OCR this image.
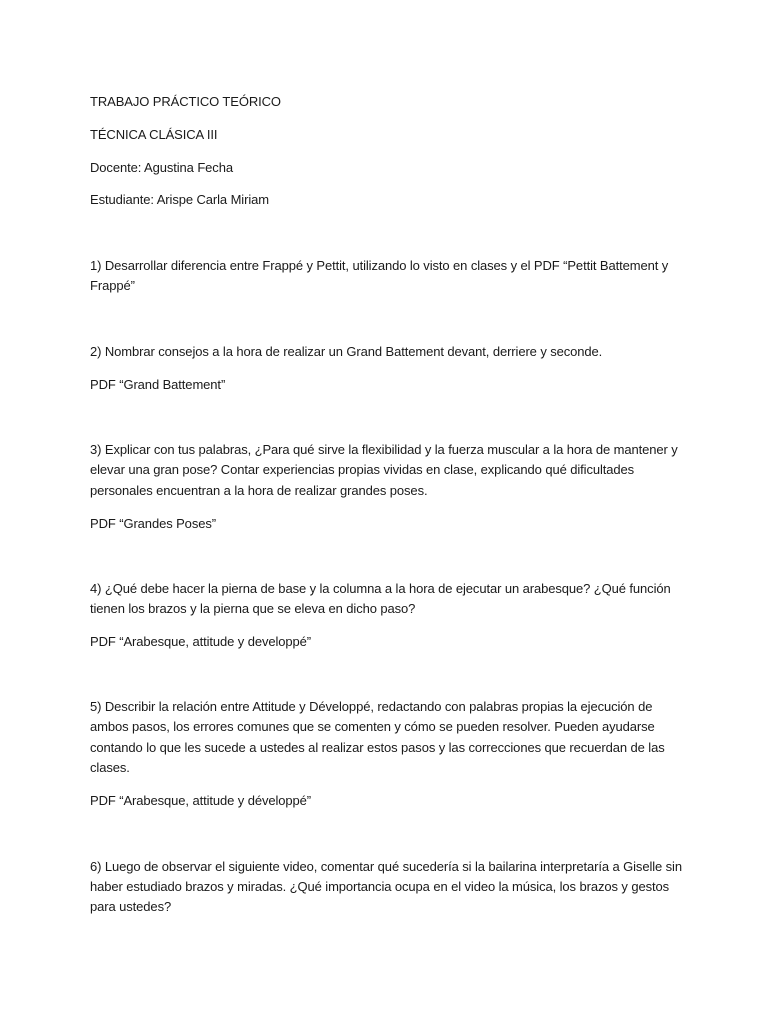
TRABAJO PRÁCTICO TEÓRICO
TÉCNICA CLÁSICA III
Docente: Agustina Fecha
Estudiante: Arispe Carla Miriam
1) Desarrollar diferencia entre Frappé y Pettit, utilizando lo visto en clases y el PDF “Pettit Battement y
Frappé”
2) Nombrar consejos a la hora de realizar un Grand Battement devant, derriere y seconde.
PDF “Grand Battement”
3) Explicar con tus palabras, ¿Para qué sirve la flexibilidad y la fuerza muscular a la hora de mantener y
elevar una gran pose? Contar experiencias propias vividas en clase, explicando qué dificultades
personales encuentran a la hora de realizar grandes poses.
PDF “Grandes Poses”
4) ¿Qué debe hacer la pierna de base y la columna a la hora de ejecutar un arabesque? ¿Qué función
tienen los brazos y la pierna que se eleva en dicho paso?
PDF “Arabesque, attitude y developpé”
5) Describir la relación entre Attitude y Développé, redactando con palabras propias la ejecución de
ambos pasos, los errores comunes que se comenten y cómo se pueden resolver. Pueden ayudarse
contando lo que les sucede a ustedes al realizar estos pasos y las correcciones que recuerdan de las
clases.
PDF “Arabesque, attitude y développé”
6) Luego de observar el siguiente video, comentar qué sucedería si la bailarina interpretaría a Giselle sin
haber estudiado brazos y miradas. ¿Qué importancia ocupa en el video la música, los brazos y gestos
para ustedes?
